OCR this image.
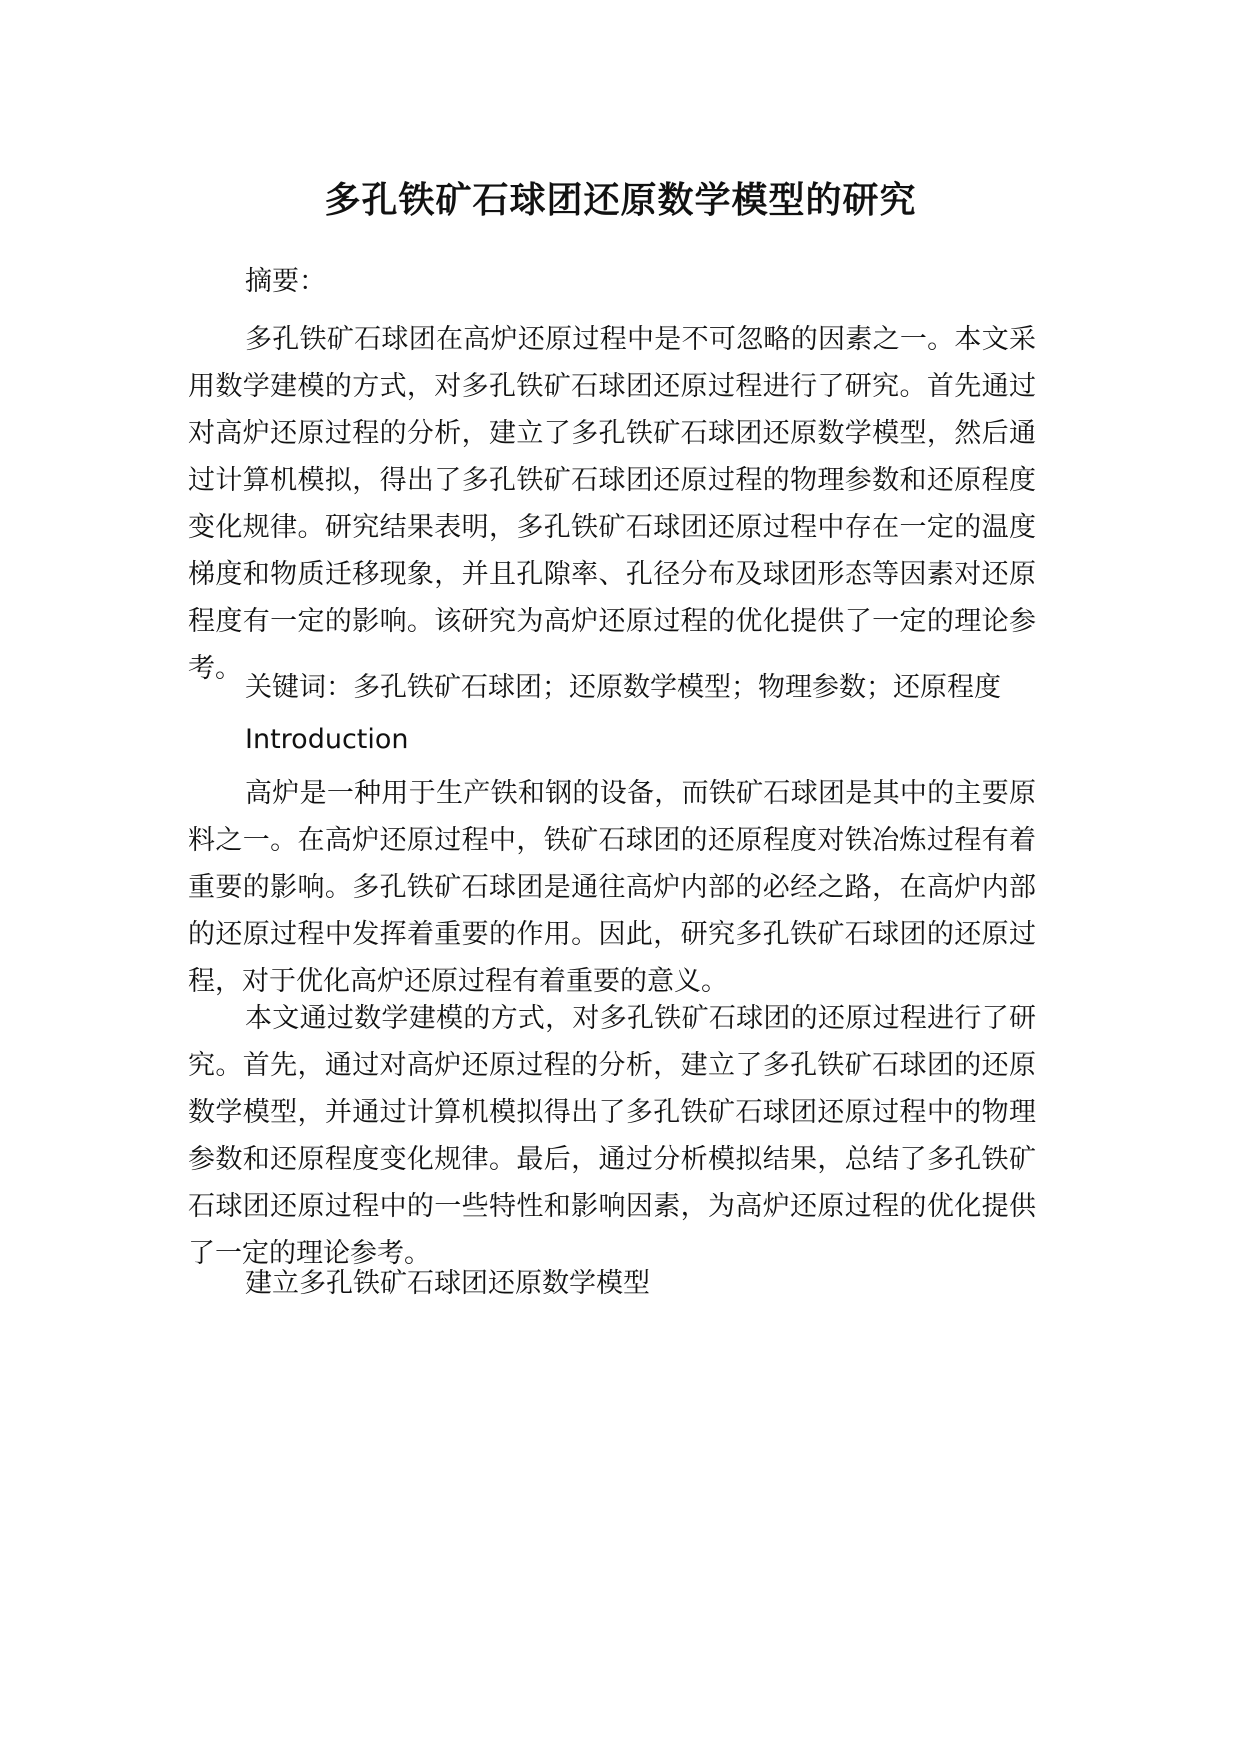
多孔铁矿石球团还原数学模型的研究

摘要：

多孔铁矿石球团在高炉还原过程中是不可忽略的因素之一。本文采用数学建模的方式，对多孔铁矿石球团还原过程进行了研究。首先通过对高炉还原过程的分析，建立了多孔铁矿石球团还原数学模型，然后通过计算机模拟，得出了多孔铁矿石球团还原过程的物理参数和还原程度变化规律。研究结果表明，多孔铁矿石球团还原过程中存在一定的温度梯度和物质迁移现象，并且孔隙率、孔径分布及球团形态等因素对还原程度有一定的影响。该研究为高炉还原过程的优化提供了一定的理论参考。

关键词：多孔铁矿石球团；还原数学模型；物理参数；还原程度

Introduction

高炉是一种用于生产铁和钢的设备，而铁矿石球团是其中的主要原料之一。在高炉还原过程中，铁矿石球团的还原程度对铁冶炼过程有着重要的影响。多孔铁矿石球团是通往高炉内部的必经之路，在高炉内部的还原过程中发挥着重要的作用。因此，研究多孔铁矿石球团的还原过程，对于优化高炉还原过程有着重要的意义。

本文通过数学建模的方式，对多孔铁矿石球团的还原过程进行了研究。首先，通过对高炉还原过程的分析，建立了多孔铁矿石球团的还原数学模型，并通过计算机模拟得出了多孔铁矿石球团还原过程中的物理参数和还原程度变化规律。最后，通过分析模拟结果，总结了多孔铁矿石球团还原过程中的一些特性和影响因素，为高炉还原过程的优化提供了一定的理论参考。

建立多孔铁矿石球团还原数学模型
